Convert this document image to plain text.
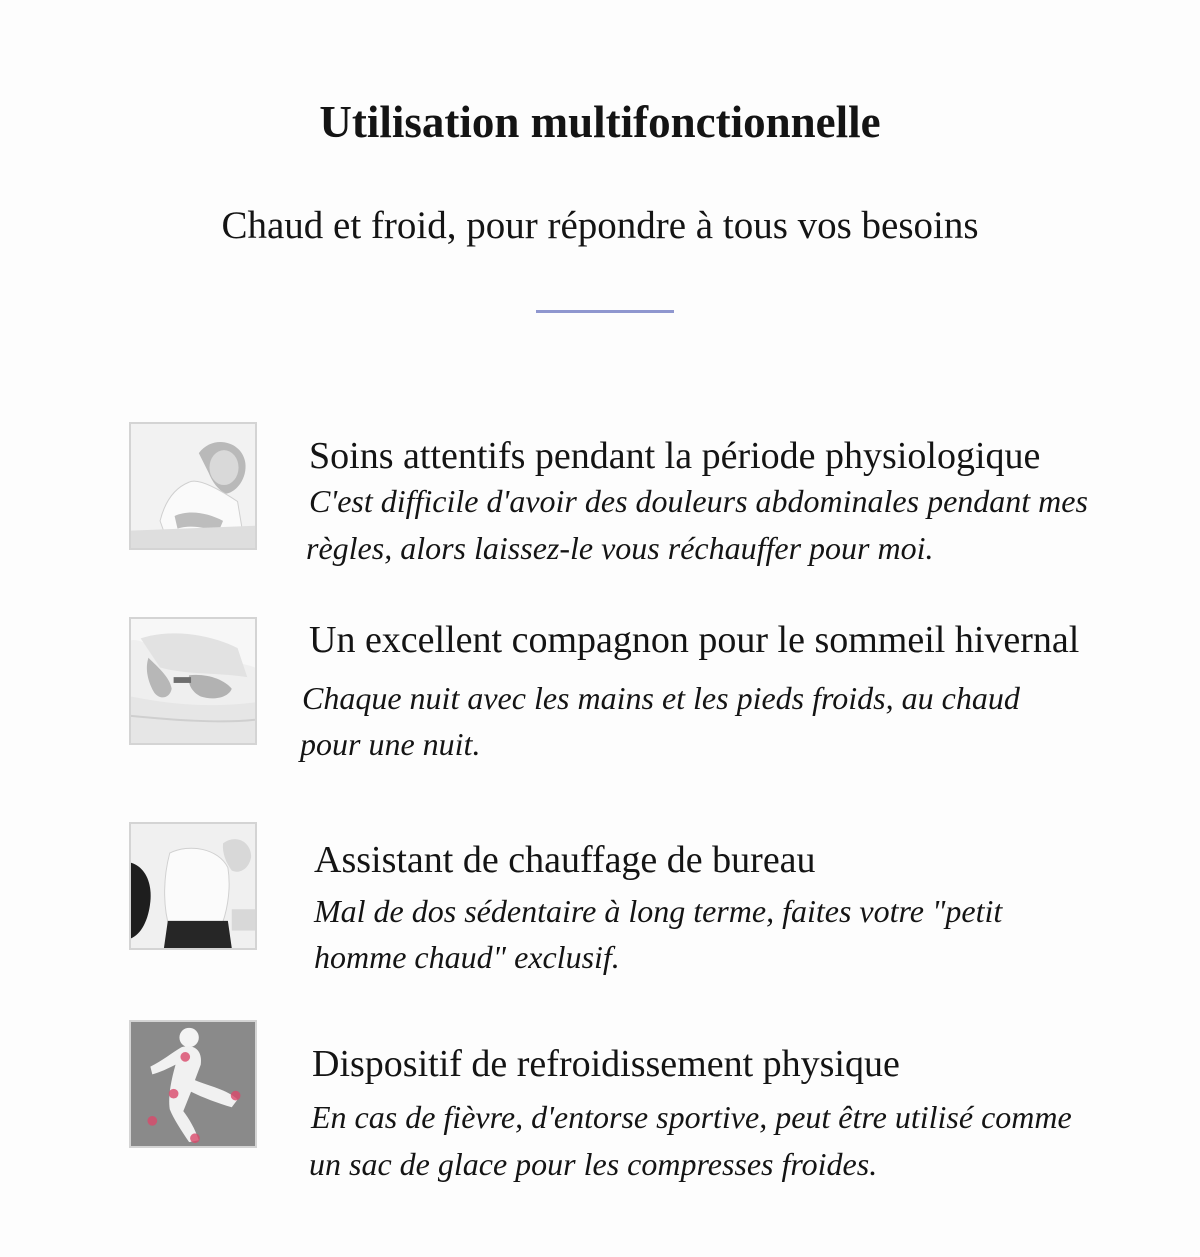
Utilisation multifonctionnelle

Chaud et froid, pour répondre à tous vos besoins

Soins attentifs pendant la période physiologique

C'est difficile d'avoir des douleurs abdominales pendant mes

règles, alors laissez-le vous réchauffer pour moi.

Un excellent compagnon pour le sommeil hivernal

Chaque nuit avec les mains et les pieds froids, au chaud

pour une nuit.

Assistant de chauffage de bureau

Mal de dos sédentaire à long terme, faites votre "petit

homme chaud" exclusif.

Dispositif de refroidissement physique

En cas de fièvre, d'entorse sportive, peut être utilisé comme

un sac de glace pour les compresses froides.
